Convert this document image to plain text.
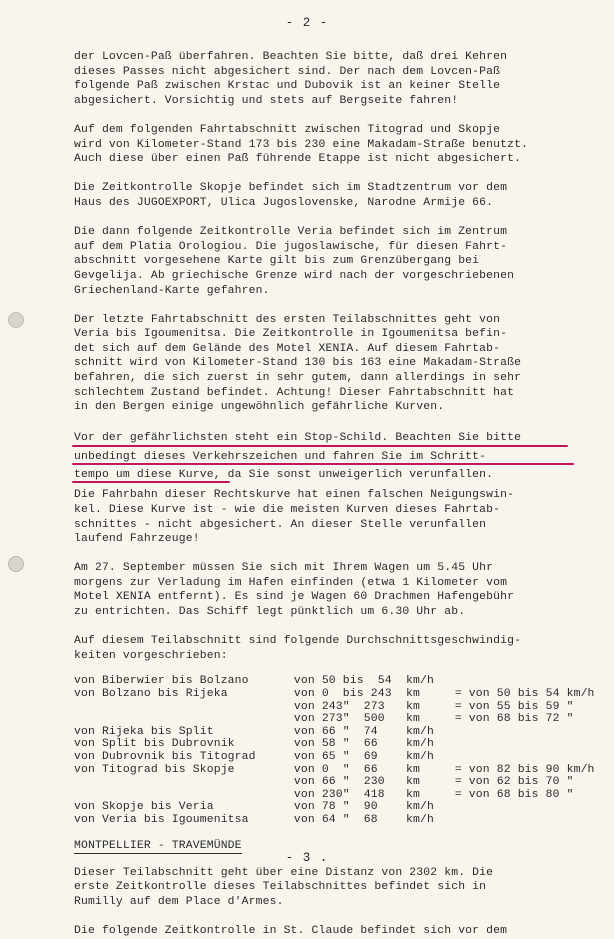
- 2 -
der Lovcen-Paß überfahren. Beachten Sie bitte, daß drei Kehren
dieses Passes nicht abgesichert sind. Der nach dem Lovcen-Paß
folgende Paß zwischen Krstac und Dubovik ist an keiner Stelle
abgesichert. Vorsichtig und stets auf Bergseite fahren!
Auf dem folgenden Fahrtabschnitt zwischen Titograd und Skopje
wird von Kilometer-Stand 173 bis 230 eine Makadam-Straße benutzt.
Auch diese über einen Paß führende Etappe ist nicht abgesichert.
Die Zeitkontrolle Skopje befindet sich im Stadtzentrum vor dem
Haus des JUGOEXPORT, Ulica Jugoslovenske, Narodne Armije 66.
Die dann folgende Zeitkontrolle Veria befindet sich im Zentrum
auf dem Platia Orologiou. Die jugoslawische, für diesen Fahrt-
abschnitt vorgesehene Karte gilt bis zum Grenzübergang bei
Gevgelija. Ab griechische Grenze wird nach der vorgeschriebenen
Griechenland-Karte gefahren.
Der letzte Fahrtabschnitt des ersten Teilabschnittes geht von
Veria bis Igoumenitsa. Die Zeitkontrolle in Igoumenitsa befin-
det sich auf dem Gelände des Motel XENIA. Auf diesem Fahrtab-
schnitt wird von Kilometer-Stand 130 bis 163 eine Makadam-Straße
befahren, die sich zuerst in sehr gutem, dann allerdings in sehr
schlechtem Zustand befindet. Achtung! Dieser Fahrtabschnitt hat
in den Bergen einige ungewöhnlich gefährliche Kurven.
Vor der gefährlichsten steht ein Stop-Schild. Beachten Sie bitte
unbedingt dieses Verkehrszeichen und fahren Sie im Schritt-
tempo um diese Kurve, da Sie sonst unweigerlich verunfallen.
Die Fahrbahn dieser Rechtskurve hat einen falschen Neigungswin-
kel. Diese Kurve ist - wie die meisten Kurven dieses Fahrtab-
schnittes - nicht abgesichert. An dieser Stelle verunfallen
laufend Fahrzeuge!
Am 27. September müssen Sie sich mit Ihrem Wagen um 5.45 Uhr
morgens zur Verladung im Hafen einfinden (etwa 1 Kilometer vom
Motel XENIA entfernt). Es sind je Wagen 60 Drachmen Hafengebühr
zu entrichten. Das Schiff legt pünktlich um 6.30 Uhr ab.
Auf diesem Teilabschnitt sind folgende Durchschnittsgeschwindig-
keiten vorgeschrieben:
von Biberwier bis Bolzano	von 50	bis  54	km/h	
von Bolzano bis Rijeka	von 0	bis 243	km	= von 50 bis 54 km/h
	von 243	"  273	km	= von 55 bis 59 "
	von 273	"  500	km	= von 68 bis 72 "
von Rijeka bis Split	von 66	"  74	km/h	
von Split bis Dubrovnik	von 58	"  66	km/h	
von Dubrovnik bis Titograd	von 65	"  69	km/h	
von Titograd bis Skopje	von 0	"  66	km	= von 82 bis 90 km/h
	von 66	"  230	km	= von 62 bis 70 "
	von 230	"  418	km	= von 68 bis 80 "
von Skopje bis Veria	von 78	"  90	km/h	
von Veria bis Igoumenitsa	von 64	"  68	km/h	
MONTPELLIER - TRAVEMÜNDE
Dieser Teilabschnitt geht über eine Distanz von 2302 km. Die
erste Zeitkontrolle dieses Teilabschnittes befindet sich in
Rumilly auf dem Place d'Armes.
Die folgende Zeitkontrolle in St. Claude befindet sich vor dem
- 3 .
